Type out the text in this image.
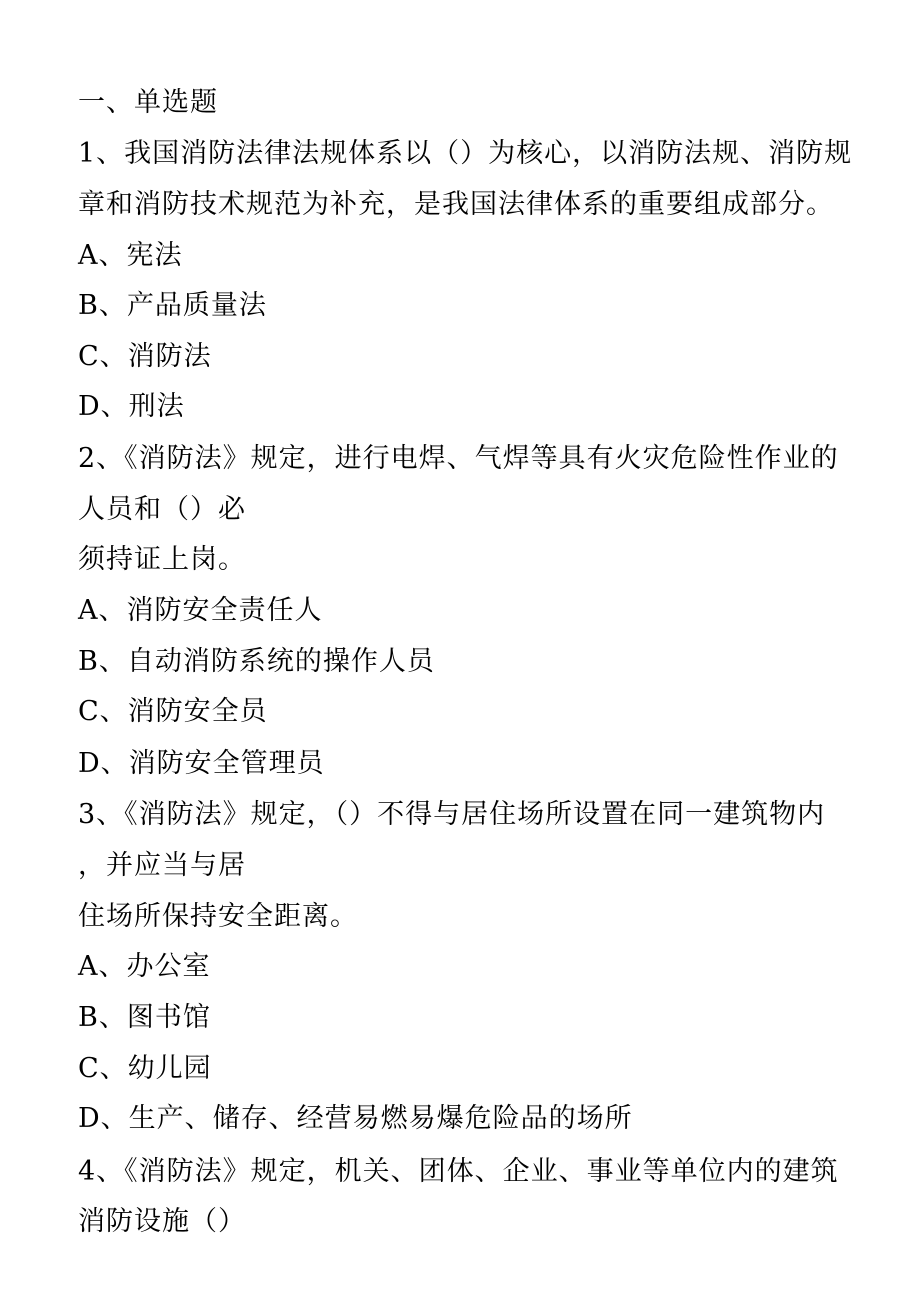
一、单选题
1、我国消防法律法规体系以（）为核心，以消防法规、消防规
章和消防技术规范为补充，是我国法律体系的重要组成部分。
A、宪法
B、产品质量法
C、消防法
D、刑法
2、《消防法》规定，进行电焊、气焊等具有火灾危险性作业的
人员和（）必
须持证上岗。
A、消防安全责任人
B、自动消防系统的操作人员
C、消防安全员
D、消防安全管理员
3、《消防法》规定，（）不得与居住场所设置在同一建筑物内
，并应当与居
住场所保持安全距离。
A、办公室
B、图书馆
C、幼儿园
D、生产、储存、经营易燃易爆危险品的场所
4、《消防法》规定，机关、团体、企业、事业等单位内的建筑
消防设施（）
